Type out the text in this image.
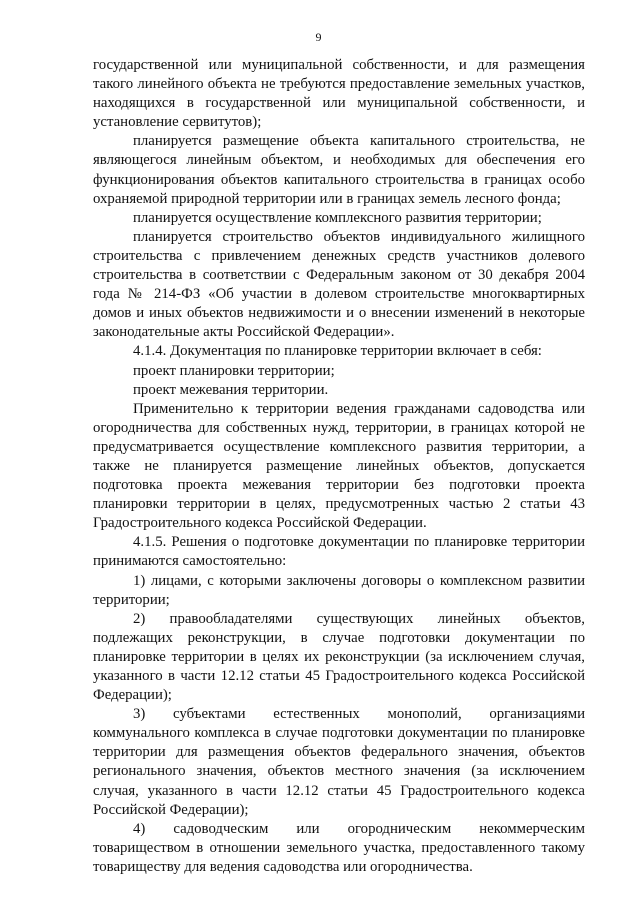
9

государственной или муниципальной собственности, и для размещения такого линейного объекта не требуются предоставление земельных участков, находящихся в государственной или муниципальной собственности, и установление сервитутов);

планируется размещение объекта капитального строительства, не являющегося линейным объектом, и необходимых для обеспечения его функционирования объектов капитального строительства в границах особо охраняемой природной территории или в границах земель лесного фонда;

планируется осуществление комплексного развития территории;

планируется строительство объектов индивидуального жилищного строительства с привлечением денежных средств участников долевого строительства в соответствии с Федеральным законом от 30 декабря 2004 года № 214-ФЗ «Об участии в долевом строительстве многоквартирных домов и иных объектов недвижимости и о внесении изменений в некоторые законодательные акты Российской Федерации».

4.1.4. Документация по планировке территории включает в себя:

проект планировки территории;

проект межевания территории.

Применительно к территории ведения гражданами садоводства или огородничества для собственных нужд, территории, в границах которой не предусматривается осуществление комплексного развития территории, а также не планируется размещение линейных объектов, допускается подготовка проекта межевания территории без подготовки проекта планировки территории в целях, предусмотренных частью 2 статьи 43 Градостроительного кодекса Российской Федерации.

4.1.5. Решения о подготовке документации по планировке территории принимаются самостоятельно:

1) лицами, с которыми заключены договоры о комплексном развитии территории;

2) правообладателями существующих линейных объектов, подлежащих реконструкции, в случае подготовки документации по планировке территории в целях их реконструкции (за исключением случая, указанного в части 12.12 статьи 45 Градостроительного кодекса Российской Федерации);

3) субъектами естественных монополий, организациями коммунального комплекса в случае подготовки документации по планировке территории для размещения объектов федерального значения, объектов регионального значения, объектов местного значения (за исключением случая, указанного в части 12.12 статьи 45 Градостроительного кодекса Российской Федерации);

4) садоводческим или огородническим некоммерческим товариществом в отношении земельного участка, предоставленного такому товариществу для ведения садоводства или огородничества.
